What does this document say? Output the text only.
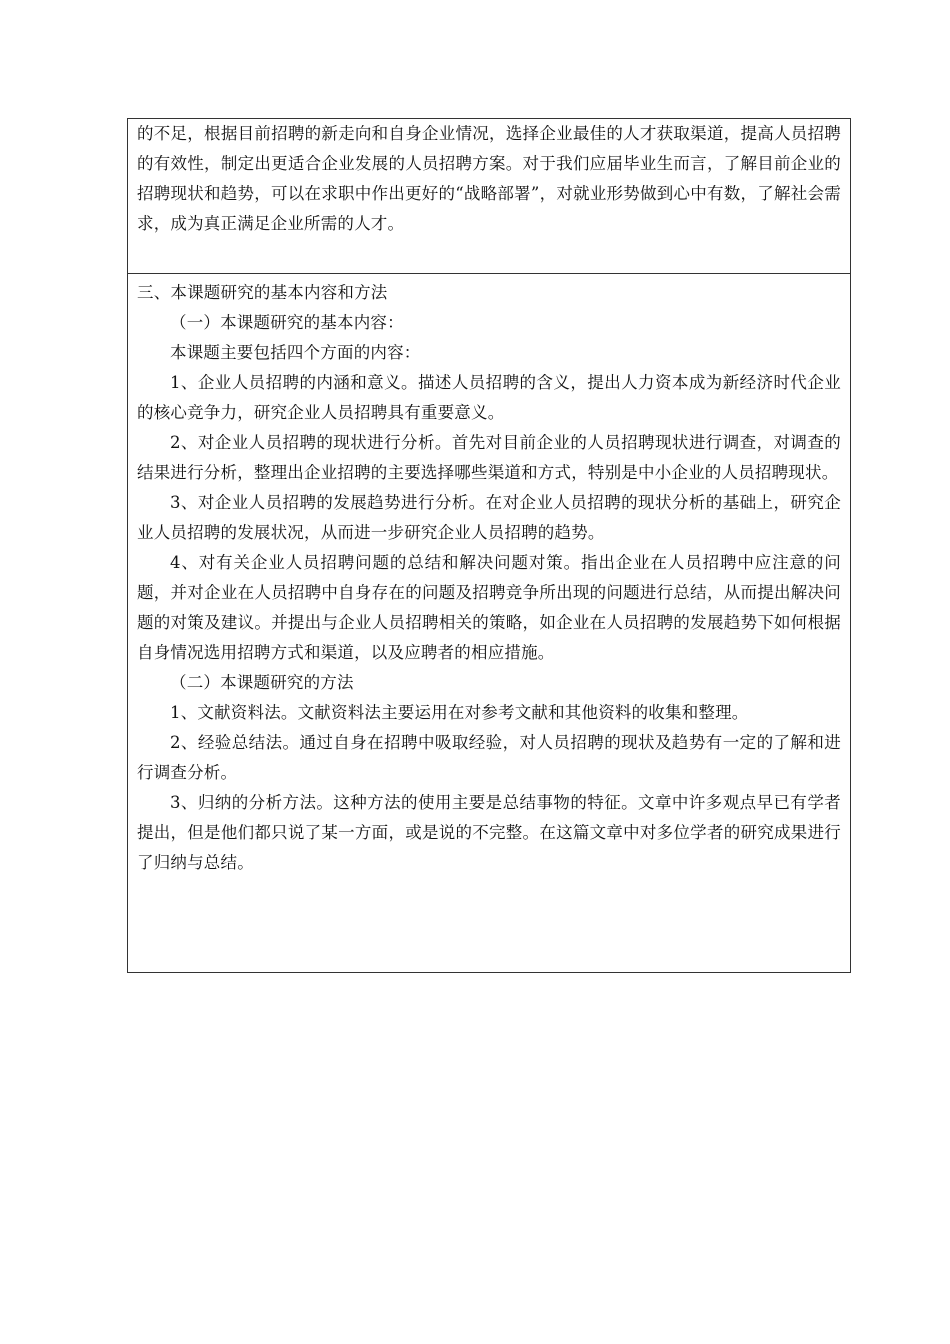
的不足，根据目前招聘的新走向和自身企业情况，选择企业最佳的人才获取渠道，提高人员招聘的有效性，制定出更适合企业发展的人员招聘方案。对于我们应届毕业生而言，了解目前企业的招聘现状和趋势，可以在求职中作出更好的“战略部署”，对就业形势做到心中有数，了解社会需求，成为真正满足企业所需的人才。

三、本课题研究的基本内容和方法

（一）本课题研究的基本内容：

本课题主要包括四个方面的内容：

1、企业人员招聘的内涵和意义。描述人员招聘的含义，提出人力资本成为新经济时代企业的核心竞争力，研究企业人员招聘具有重要意义。

2、对企业人员招聘的现状进行分析。首先对目前企业的人员招聘现状进行调查，对调查的结果进行分析，整理出企业招聘的主要选择哪些渠道和方式，特别是中小企业的人员招聘现状。

3、对企业人员招聘的发展趋势进行分析。在对企业人员招聘的现状分析的基础上，研究企业人员招聘的发展状况，从而进一步研究企业人员招聘的趋势。

4、对有关企业人员招聘问题的总结和解决问题对策。指出企业在人员招聘中应注意的问题，并对企业在人员招聘中自身存在的问题及招聘竞争所出现的问题进行总结，从而提出解决问题的对策及建议。并提出与企业人员招聘相关的策略，如企业在人员招聘的发展趋势下如何根据自身情况选用招聘方式和渠道，以及应聘者的相应措施。

（二）本课题研究的方法

1、文献资料法。文献资料法主要运用在对参考文献和其他资料的收集和整理。

2、经验总结法。通过自身在招聘中吸取经验，对人员招聘的现状及趋势有一定的了解和进行调查分析。

3、归纳的分析方法。这种方法的使用主要是总结事物的特征。文章中许多观点早已有学者提出，但是他们都只说了某一方面，或是说的不完整。在这篇文章中对多位学者的研究成果进行了归纳与总结。
